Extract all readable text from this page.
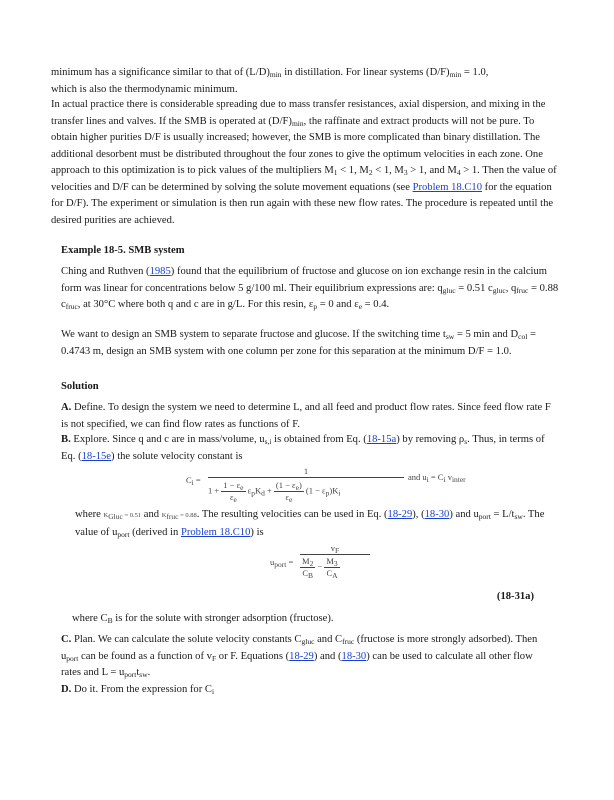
minimum has a significance similar to that of $(L/D)_{min}$ in distillation. For linear systems $(D/F)_{min} = 1.0$,
which is also the thermodynamic minimum.

In actual practice there is considerable spreading due to mass transfer resistances, axial dispersion, and mixing in the transfer lines and valves. If the SMB is operated at $(D/F)_{min}$, the raffinate and extract products will not be pure. To obtain higher purities D/F is usually increased; however, the SMB is more complicated than binary distillation. The additional desorbent must be distributed throughout the four zones to give the optimum velocities in each zone. One approach to this optimization is to pick values of the multipliers $M_1 < 1$, $M_2 < 1$, $M_3 > 1$, and $M_4 > 1$. Then the value of velocities and D/F can be determined by solving the solute movement equations (see Problem 18.C10 for the equation for D/F). The experiment or simulation is then run again with these new flow rates. The procedure is repeated until the desired purities are achieved.

Example 18-5. SMB system

Ching and Ruthven (1985) found that the equilibrium of fructose and glucose on ion exchange resin in the calcium form was linear for concentrations below 5 g/100 ml. Their equilibrium expressions are: $q_{gluc} = 0.51$ $c_{gluc}$, $q_{fruc} = 0.88$ $c_{fruc}$, at 30°C where both q and c are in g/L. For this resin, $\varepsilon_p = 0$ and $\varepsilon_e = 0.4$.

We want to design an SMB system to separate fructose and glucose. If the switching time $t_{sw} = 5$ min and $D_{col} = 0.4743$ m, design an SMB system with one column per zone for this separation at the minimum D/F = 1.0.

Solution

A. Define. To design the system we need to determine L, and all feed and product flow rates. Since feed flow rate F is not specified, we can find flow rates as functions of F.

B. Explore. Since q and c are in mass/volume, $u_{s,i}$ is obtained from Eq. (18-15a) by removing $\rho_s$. Thus, in terms of Eq. (18-15e) the solute velocity constant is

$C_i$ =
1
$1 + \frac{1 - \varepsilon_e}{\varepsilon_e} \varepsilon_pK_d + \frac{(1 - \varepsilon_e)}{\varepsilon_e} (1 - \varepsilon_p)K_i$
and $u_i = C_i$ $v_{inter}$

where $K_{Gluc} = 0.51$ and $K_{fruc} = 0.88$. The resulting velocities can be used in Eq. (18-29), (18-30) and $u_{port} = L/t_{sw}$. The value of $u_{port}$ (derived in Problem 18.C10) is

$u_{port}$ =
$v_F$
$\frac{M_2}{C_B} - \frac{M_3}{C_A}$
(18-31a)

where $C_B$ is for the solute with stronger adsorption (fructose).

C. Plan. We can calculate the solute velocity constants $C_{gluc}$ and $C_{fruc}$ (fructose is more strongly adsorbed). Then $u_{port}$ can be found as a function of $v_F$ or F. Equations (18-29) and (18-30) can be used to calculate all other flow rates and $L = u_{port}t_{sw}$.

D. Do it. From the expression for $C_i$
